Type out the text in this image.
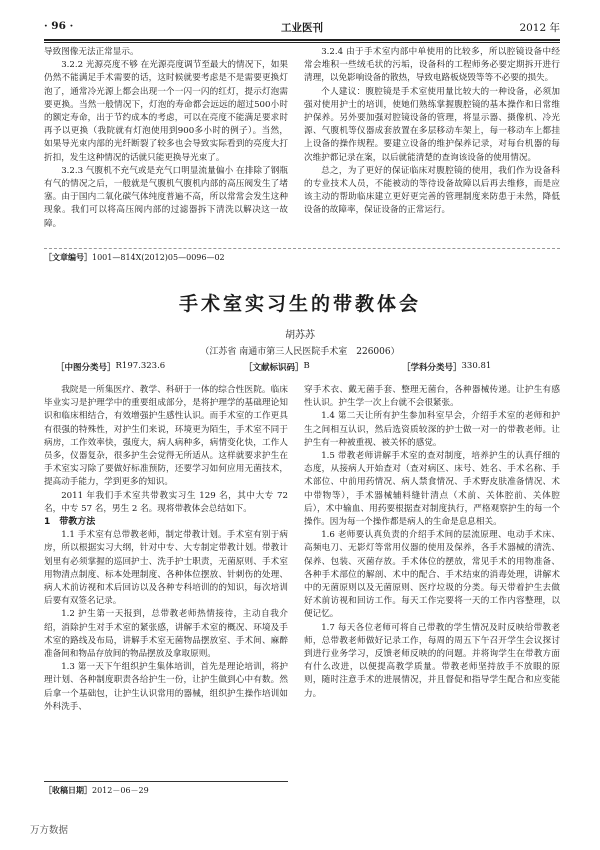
· 96 ·	工业医刊	2012 年

导致图像无法正常显示。

3.2.2 光源亮度不够 在光源亮度调节至最大的情况下，如果仍然不能满足手术需要的话，这时候就要考虑是不是需要更换灯泡了，通常冷光源上都会出现一个一闪一闪的红灯，提示灯泡需要更换。当然一般情况下，灯泡的寿命都会远远的超过500小时的额定寿命，出于节约成本的考虑，可以在亮度不能满足要求时再予以更换（我院就有灯泡使用到900多小时的例子）。当然，如果导光束内部的光纤断裂了较多也会导致实际看到的亮度大打折扣，发生这种情况的话就只能更换导光束了。

3.2.3 气腹机不充气或是充气口明显流量偏小 在排除了钢瓶有气的情况之后，一般就是气腹机气腹机内部的高压阀发生了堵塞。由于国内二氧化碳气体纯度普遍不高，所以常常会发生这种现象。我们可以将高压阀内部的过滤器拆下清洗以解决这一故障。

3.2.4 由于手术室内部中单使用的比较多，所以腔镜设备中经常会堆积一些绒毛状的污垢，设备科的工程师务必要定期拆开进行清理，以免影响设备的散热，导致电路板烧毁等等不必要的损失。

个人建议：腹腔镜是手术室使用量比较大的一种设备，必须加强对使用护士的培训，使她们熟练掌握腹腔镜的基本操作和日常维护保养。另外要加强对腔镜设备的管理，将显示器、摄像机、冷光源、气腹机等仪器成套放置在多层移动车架上，每一移动车上都挂上设备的操作规程。要建立设备的维护保养记录，对每台机器的每次维护都记录在案，以后就能清楚的查询该设备的使用情况。

总之，为了更好的保证临床对腹腔镜的使用，我们作为设备科的专业技术人员，不能被动的等待设备故障以后再去维修，而是应该主动的帮助临床建立更好更完善的管理制度来防患于未然，降低设备的故障率，保证设备的正常运行。

［文章编号］1001—814X(2012)05—0096—02
手术室实习生的带教体会
胡苏苏
（江苏省 南通市第三人民医院手术室　226006）
［中图分类号］ R197.323.6	［文献标识码］ B	［学科分类号］ 330.81

我院是一所集医疗、教学、科研于一体的综合性医院。临床毕业实习是护理学中的重要组成部分，是将护理学的基础理论知识和临床相结合，有效增强护生感性认识。而手术室的工作更具有很强的特殊性，对护生们来说，环境更为陌生，手术室不同于病房，工作效率快，强度大，病人病种多，病情变化快，工作人员多，仪器复杂，很多护生会觉得无所适从。这样就要求护生在手术室实习除了要做好标准预防，还要学习如何应用无菌技术，提高动手能力，学到更多的知识。

2011 年我们手术室共带教实习生 129 名，其中大专 72 名，中专 57 名，男生 2 名。现将带教体会总结如下。

1　带教方法

1.1 手术室有总带教老师，制定带教计划。手术室有别于病房，所以根据实习大纲，针对中专、大专制定带教计划。带教计划里有必须掌握的巡回护士、洗手护士职责，无菌原则、手术室用物清点制度、标本处理制度、各种体位摆放、针刺伤的处理、病人术前访视和术后回访以及各种专科培训的的知识，每次培训后要有双签名记录。

1.2 护生第一天报到，总带教老师热情接待，主动自我介绍，消除护生对手术室的紧张感，讲解手术室的概况、环境及手术室的路线及布局，讲解手术室无菌物品摆放室、手术间、麻醉准备间和物品存放间的物品摆放及拿取原则。

1.3 第一天下午组织护生集体培训，首先是理论培训，将护理计划、各种制度职责各给护生一份，让护生做到心中有数。然后拿一个基础包，让护生认识常用的器械，组织护生操作培训如外科洗手、

穿手术衣、戴无菌手套、整理无菌台，各种器械传递。让护生有感性认识。护生学一次上台就不会很紧张。

1.4 第二天让所有护生参加科室早会，介绍手术室的老师和护生之间相互认识，然后选资质较深的护士做一对一的带教老师。让护生有一种被重视、被关怀的感觉。

1.5 带教老师讲解手术室的查对制度，培养护生的认真仔细的态度，从接病人开始查对（查对病区、床号、姓名、手术名称、手术部位、中前用药情况、病人禁食情况、手术野皮肤准备情况、术中带物等），手术器械辅料缝针清点（术前、关体腔前、关体腔后），术中输血、用药要根据查对制度执行，严格观察护生的每一个操作。因为每一个操作都是病人的生命是息息相关。

1.6 老师要认真负责的介绍手术间的层流原理、电动手术床、高频电刀、无影灯等常用仪器的使用及保养，各手术器械的清洗、保养、包装、灭菌存放。手术体位的摆放，常见手术的用物准备、各种手术部位的解剖、术中的配合、手术结束的消毒处理，讲解术中的无菌原则以及无菌原则、医疗垃圾的分类。每天带着护生去做好术前访视和回访工作。每天工作完要将一天的工作内容整理，以便记忆。

1.7 每天各位老师可将自己带教的学生情况及时反映给带教老师，总带教老师做好记录工作，每周的周五下午召开学生会议探讨到进行业务学习，反馈老师反映的的问题。并将询学生在带教方面有什么改进，以便提高教学质量。带教老师坚持放手不放眼的原则，随时注意手术的进展情况，并且督促和指导学生配合和应变能力。

［收稿日期］2012－06－29
万方数据
